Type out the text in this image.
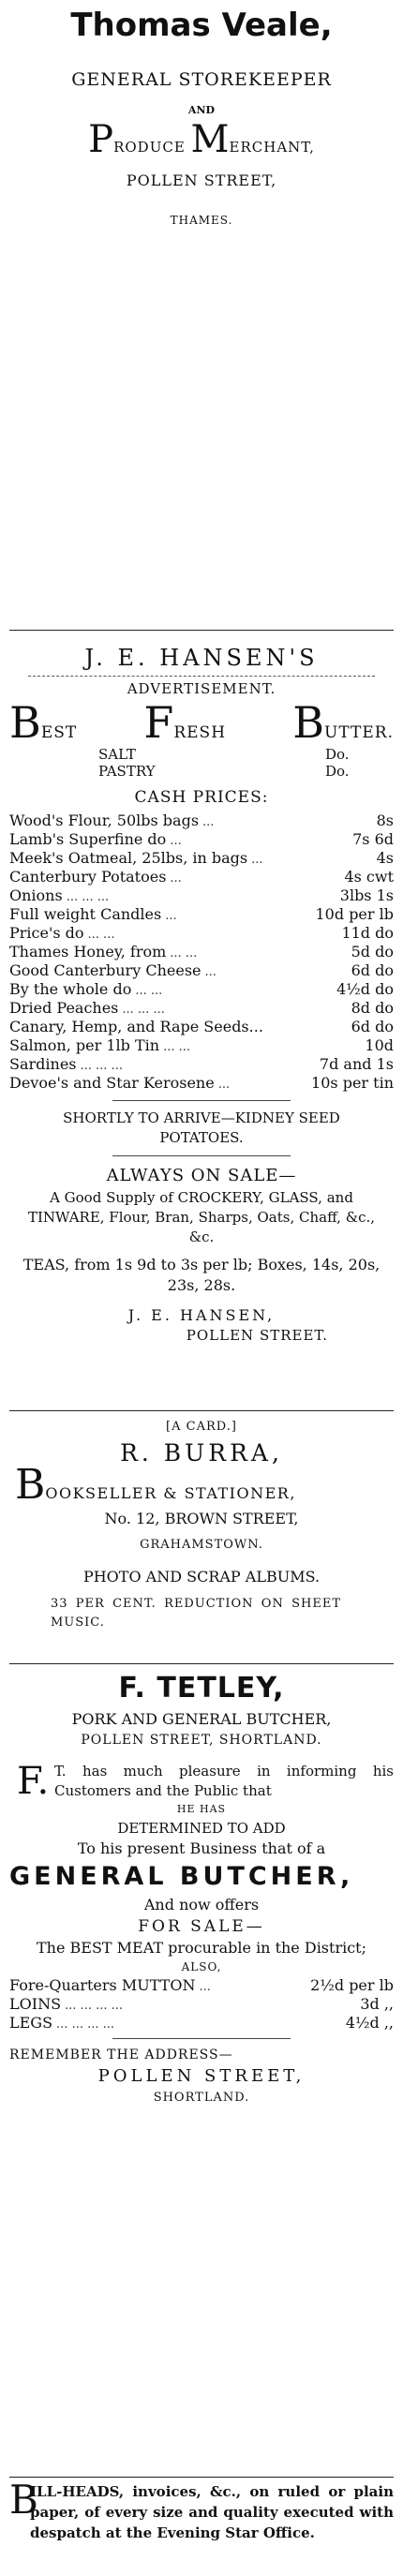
Thomas Veale,
GENERAL STOREKEEPER
AND
PRODUCE MERCHANT,
POLLEN STREET,
THAMES.
J. E. HANSEN'S
ADVERTISEMENT.
BEST FRESH BUTTER.
SALT	Do.
PASTRY	Do.
CASH PRICES:
Wood's Flour, 50lbs bags ...	8s
Lamb's Superfine do ...	7s 6d
Meek's Oatmeal, 25lbs, in bags ...	4s
Canterbury Potatoes ...	4s cwt
Onions ... ... ...	3lbs 1s
Full weight Candles ...	10d per lb
Price's do ... ...	11d do
Thames Honey, from ... ...	5d do
Good Canterbury Cheese ...	6d do
By the whole do ... ...	4½d do
Dried Peaches ... ... ...	8d do
Canary, Hemp, and Rape Seeds...	6d do
Salmon, per 1lb Tin ... ...	10d
Sardines ... ... ...	7d and 1s
Devoe's and Star Kerosene ...	10s per tin
SHORTLY TO ARRIVE—KIDNEY SEED POTATOES.
ALWAYS ON SALE—
A Good Supply of CROCKERY, GLASS, and TINWARE, Flour, Bran, Sharps, Oats, Chaff, &c., &c.
TEAS, from 1s 9d to 3s per lb; Boxes, 14s, 20s, 23s, 28s.
J. E. HANSEN,
POLLEN STREET.
[A CARD.]
R. BURRA,
BOOKSELLER & STATIONER,
No. 12, BROWN STREET,
GRAHAMSTOWN.
PHOTO AND SCRAP ALBUMS.
33 PER CENT. REDUCTION ON SHEET MUSIC.
F. TETLEY,
PORK AND GENERAL BUTCHER,
POLLEN STREET, SHORTLAND.
F. T. has much pleasure in informing his Customers and the Public that
HE HAS
DETERMINED TO ADD
To his present Business that of a
GENERAL BUTCHER,
And now offers
FOR SALE—
The BEST MEAT procurable in the District;
ALSO,
Fore-Quarters MUTTON ...	2½d per lb
LOINS ... ... ... ...	3d ,,
LEGS ... ... ... ...	4½d ,,
REMEMBER THE ADDRESS—
POLLEN STREET,
SHORTLAND.
B
ILL-HEADS, invoices, &c., on ruled or plain paper, of every size and quality executed with despatch at the Evening Star Office.
